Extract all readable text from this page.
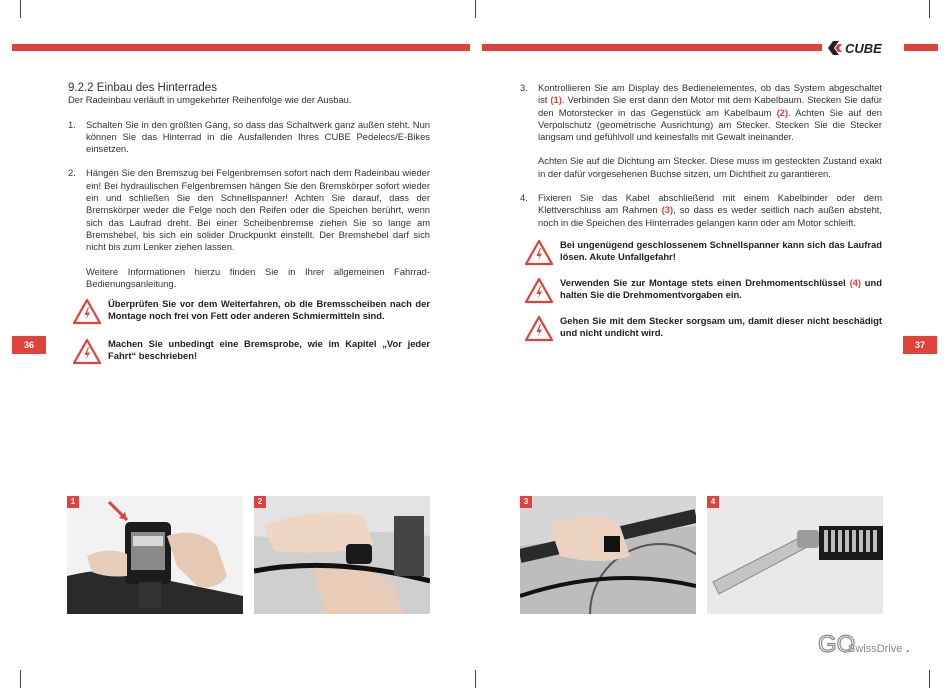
CUBE

9.2.2 Einbau des Hinterrades

Der Radeinbau verläuft in umgekehrter Reihenfolge wie der Ausbau.

1. Schalten Sie in den größten Gang, so dass das Schaltwerk ganz außen steht. Nun können Sie das Hinterrad in die Ausfallenden Ihres CUBE Pedelecs/E-Bikes einsetzen.
2. Hängen Sie den Bremszug bei Felgenbremsen sofort nach dem Radeinbau wieder ein! Bei hydraulischen Felgenbremsen hängen Sie den Bremskörper sofort wieder ein und schließen Sie den Schnellspanner! Achten Sie darauf, dass der Bremskörper weder die Felge noch den Reifen oder die Speichen berührt, wenn sich das Laufrad dreht. Bei einer Scheibenbremse ziehen Sie so lange am Bremshebel, bis sich ein solider Druckpunkt einstellt. Der Bremshebel darf sich nicht bis zum Lenker ziehen lassen.

Weitere Informationen hierzu finden Sie in Ihrer allgemeinen Fahrrad-Bedienungsanleitung.

Überprüfen Sie vor dem Weiterfahren, ob die Bremsscheiben nach der Montage noch frei von Fett oder anderen Schmiermitteln sind.
Machen Sie unbedingt eine Bremsprobe, wie im Kapitel „Vor jeder Fahrt“ beschrieben!
3. Kontrollieren Sie am Display des Bedienelementes, ob das System abgeschaltet ist (1). Verbinden Sie erst dann den Motor mit dem Kabelbaum. Stecken Sie dafür den Motorstecker in das Gegenstück am Kabelbaum (2). Achten Sie auf den Verpolschutz (geometrische Ausrichtung) am Stecker. Stecken Sie die Stecker langsam und gefühlvoll und keinesfalls mit Gewalt ineinander.

Achten Sie auf die Dichtung am Stecker. Diese muss im gesteckten Zustand exakt in der dafür vorgesehenen Buchse sitzen, um Dichtheit zu garantieren.

4. Fixieren Sie das Kabel abschließend mit einem Kabelbinder oder dem Klettverschluss am Rahmen (3), so dass es weder seitlich nach außen absteht, noch in die Speichen des Hinterrades gelangen kann oder am Motor schleift.
Bei ungenügend geschlossenem Schnellspanner kann sich das Laufrad lösen. Akute Unfallgefahr!
Verwenden Sie zur Montage stets einen Drehmomentschlüssel (4) und halten Sie die Drehmomentvorgaben ein.
Gehen Sie mit dem Stecker sorgsam um, damit dieser nicht beschädigt und nicht undicht wird.
36	37
1	2	3	4
GO
SwissDrive .
